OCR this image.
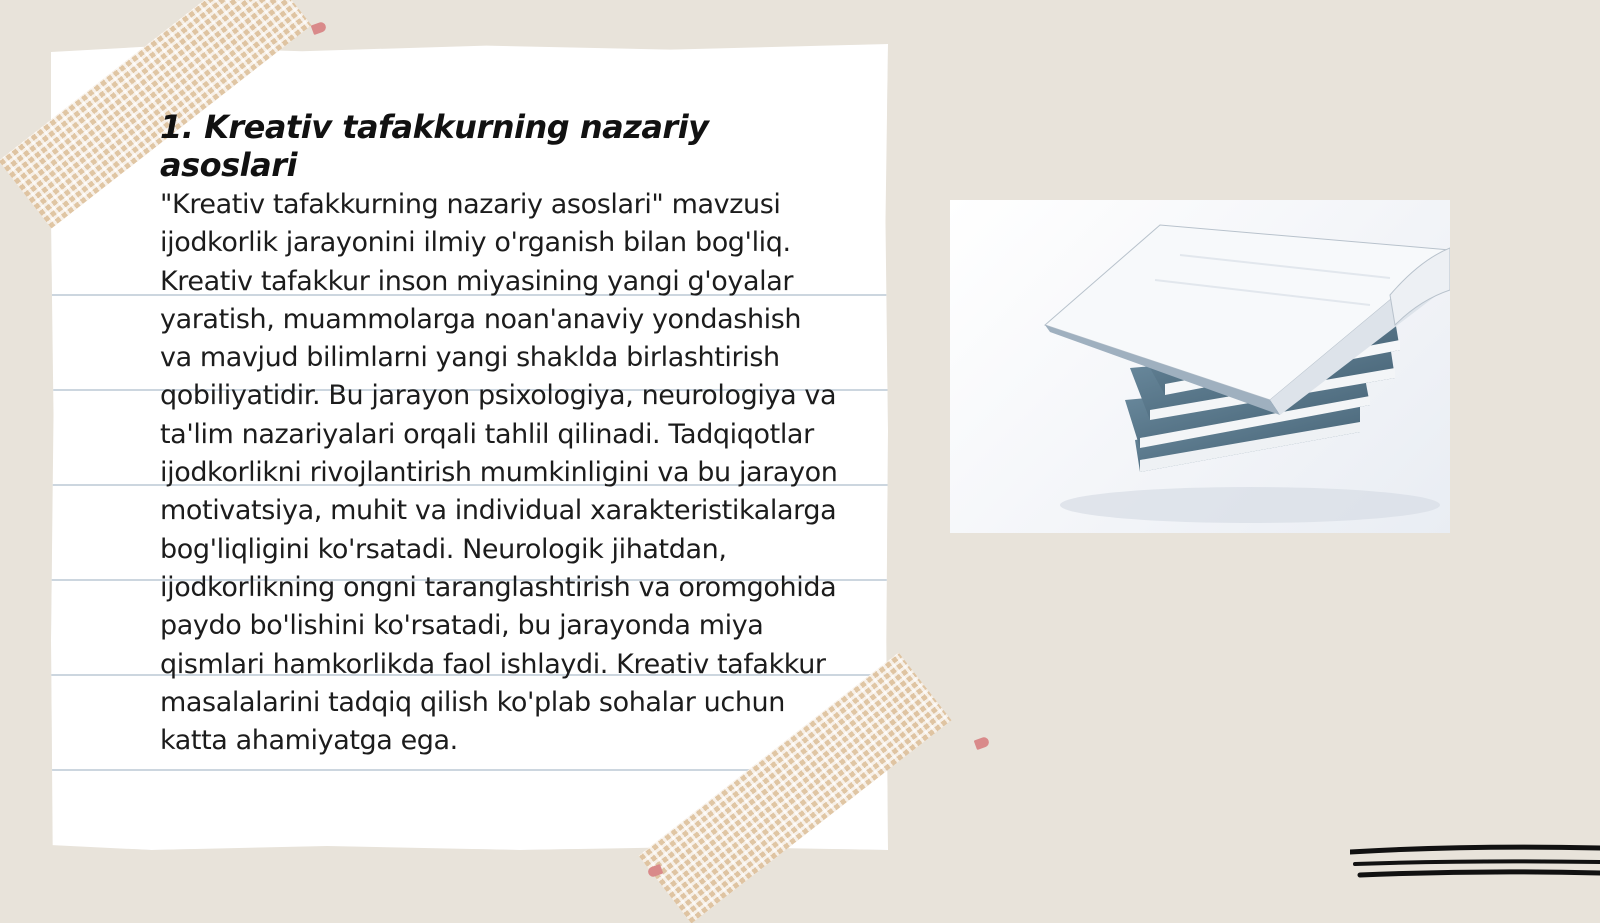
1. Kreativ tafakkurning nazariy asoslari

"Kreativ tafakkurning nazariy asoslari" mavzusi ijodkorlik jarayonini ilmiy o'rganish bilan bog'liq. Kreativ tafakkur inson miyasining yangi g'oyalar yaratish, muammolarga noan'anaviy yondashish va mavjud bilimlarni yangi shaklda birlashtirish qobiliyatidir. Bu jarayon psixologiya, neurologiya va ta'lim nazariyalari orqali tahlil qilinadi. Tadqiqotlar ijodkorlikni rivojlantirish mumkinligini va bu jarayon motivatsiya, muhit va individual xarakteristikalarga bog'liqligini ko'rsatadi. Neurologik jihatdan, ijodkorlikning ongni taranglashtirish va oromgohida paydo bo'lishini ko'rsatadi, bu jarayonda miya qismlari hamkorlikda faol ishlaydi. Kreativ tafakkur masalalarini tadqiq qilish ko'plab sohalar uchun katta ahamiyatga ega.
